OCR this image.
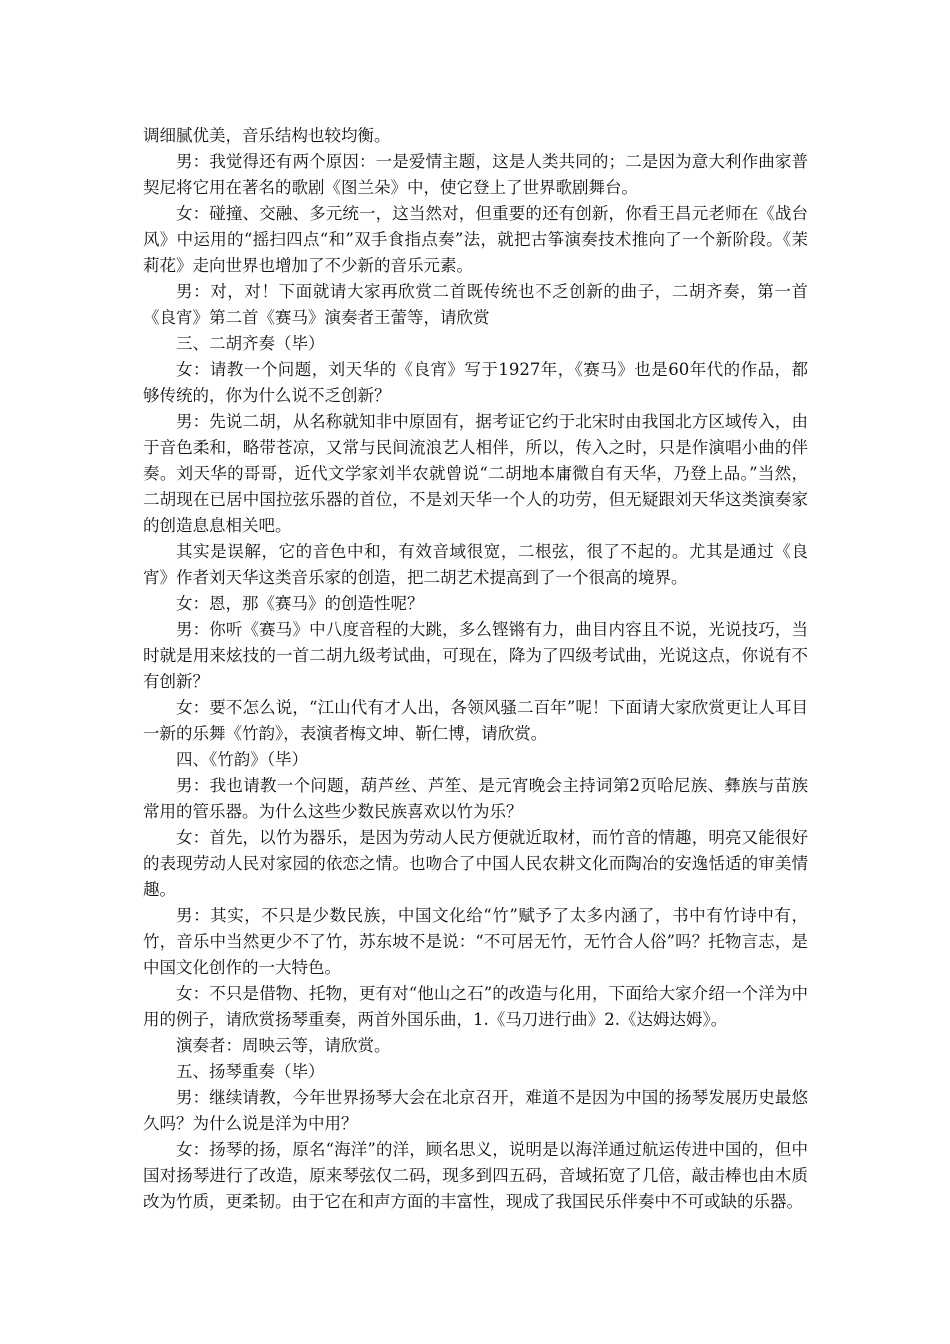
调细腻优美，音乐结构也较均衡。

男：我觉得还有两个原因：一是爱情主题，这是人类共同的；二是因为意大利作曲家普契尼将它用在著名的歌剧《图兰朵》中，使它登上了世界歌剧舞台。

女：碰撞、交融、多元统一，这当然对，但重要的还有创新，你看王昌元老师在《战台风》中运用的“摇扫四点“和”双手食指点奏”法，就把古筝演奏技术推向了一个新阶段。《茉莉花》走向世界也增加了不少新的音乐元素。

男：对，对！下面就请大家再欣赏二首既传统也不乏创新的曲子，二胡齐奏，第一首《良宵》第二首《赛马》演奏者王蕾等，请欣赏

三、二胡齐奏（毕）

女：请教一个问题，刘天华的《良宵》写于1927年，《赛马》也是60年代的作品，都够传统的，你为什么说不乏创新？

男：先说二胡，从名称就知非中原固有，据考证它约于北宋时由我国北方区域传入，由于音色柔和，略带苍凉，又常与民间流浪艺人相伴，所以，传入之时，只是作演唱小曲的伴奏。刘天华的哥哥，近代文学家刘半农就曾说“二胡地本庸微自有天华，乃登上品。”当然，二胡现在已居中国拉弦乐器的首位，不是刘天华一个人的功劳，但无疑跟刘天华这类演奏家的创造息息相关吧。

其实是误解，它的音色中和，有效音域很宽，二根弦，很了不起的。尤其是通过《良宵》作者刘天华这类音乐家的创造，把二胡艺术提高到了一个很高的境界。

女：恩，那《赛马》的创造性呢？

男：你听《赛马》中八度音程的大跳，多么铿锵有力，曲目内容且不说，光说技巧，当时就是用来炫技的一首二胡九级考试曲，可现在，降为了四级考试曲，光说这点，你说有不有创新？

女：要不怎么说，“江山代有才人出，各领风骚二百年”呢！下面请大家欣赏更让人耳目一新的乐舞《竹韵》，表演者梅文坤、靳仁博，请欣赏。

四、《竹韵》（毕）

男：我也请教一个问题，葫芦丝、芦笙、是元宵晚会主持词第2页哈尼族、彝族与苗族常用的管乐器。为什么这些少数民族喜欢以竹为乐？

女：首先，以竹为器乐，是因为劳动人民方便就近取材，而竹音的情趣，明亮又能很好的表现劳动人民对家园的依恋之情。也吻合了中国人民农耕文化而陶冶的安逸恬适的审美情趣。

男：其实，不只是少数民族，中国文化给“竹”赋予了太多内涵了，书中有竹诗中有，竹，音乐中当然更少不了竹，苏东坡不是说：“不可居无竹，无竹合人俗”吗？托物言志，是中国文化创作的一大特色。

女：不只是借物、托物，更有对“他山之石”的改造与化用，下面给大家介绍一个洋为中用的例子，请欣赏扬琴重奏，两首外国乐曲，1.《马刀进行曲》2.《达姆达姆》。

演奏者：周映云等，请欣赏。

五、扬琴重奏（毕）

男：继续请教，今年世界扬琴大会在北京召开，难道不是因为中国的扬琴发展历史最悠久吗？为什么说是洋为中用？

女：扬琴的扬，原名“海洋”的洋，顾名思义，说明是以海洋通过航运传进中国的，但中国对扬琴进行了改造，原来琴弦仅二码，现多到四五码，音域拓宽了几倍，敲击棒也由木质改为竹质，更柔韧。由于它在和声方面的丰富性，现成了我国民乐伴奏中不可或缺的乐器。
